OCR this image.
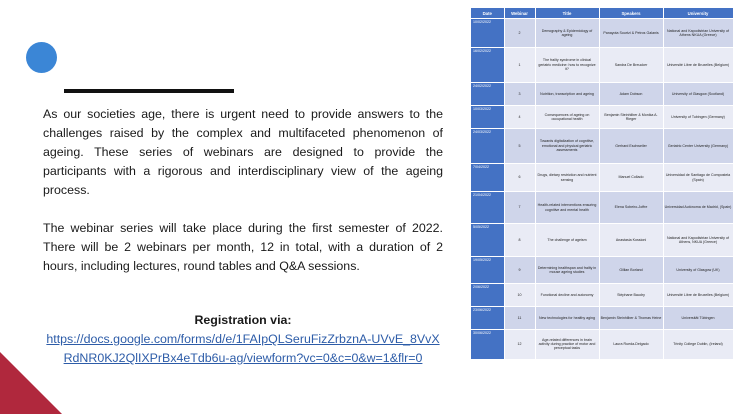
As our societies age, there is urgent need to provide answers to the challenges raised by the complex and multifaceted phenomenon of ageing. These series of webinars are designed to provide the participants with a rigorous and interdisciplinary view of the ageing process.

The webinar series will take place during the first semester of 2022. There will be 2 webinars per month, 12 in total, with a duration of 2 hours, including lectures, round tables and Q&A sessions.

Registration via:
https://docs.google.com/forms/d/e/1FAIpQLSeruFizZrbznA-UVvE_8VvXRdNR0KJ2QlIXPrBx4eTdb6u-ag/viewform?vc=0&c=0&w=1&flr=0
Date	Webinar	Title	Speakers	University
10/02/2022	2	Demography & Epidemiology of ageing	Panayota Sourtzi & Petros Galanis	National and Kapodistrian University of Athens NKUA (Greece)
16/02/2022	1	The frailty syndrome in clinical geriatric medicine: how to recognize it?	Sandra De Breucker	Université Libre de Bruxelles (Belgium)
24/02/2022	3	Nutrition, transcription and ageing	Adam Dobson	University of Glasgow (Scotland)
10/03/2022	4	Consequences of ageing on occupational health	Benjamin Steinhilber & Monika A. Rieger	University of Tubingen (Germany)
24/03/2022	5	Towards digitalization of cognitive, emotional and physical geriatric assessments	Gerhard Eschweiler	Geriatric Center University (Germany)
7/04/2022	6	Drugs, dietary restriction and nutrient sensing	Manuel Collado	Universidad de Santiago de Compostela (Spain)
21/04/2022	7	Health-related interventions ensuring cognitive and mental health	Elena Sobeiro-Joffre	Universidad Autónoma de Madrid, (Spain)
5/05/2022	8	The challenge of ageism	Anastasia Kossioni	National and Kapodistrian University of Athens, NKUA (Greece)
19/05/2022	9	Determining healthspan and frailty in mouse ageing studies	Gillian Borland	University of Glasgow (UK)
2/06/2022	10	Functional decline and autonomy	Stéphane Baudry	Université Libre de Bruxelles (Belgium)
23/06/2022	11	New technologies for healthy aging	Benjamin Steinhilber & Thomas Heine	Universität Tübingen
30/06/2022	12	Age-related differences in brain activity during practice of motor and perceptual tasks	Laura Rueda-Delgado	Trinity College Dublin, (Ireland)
